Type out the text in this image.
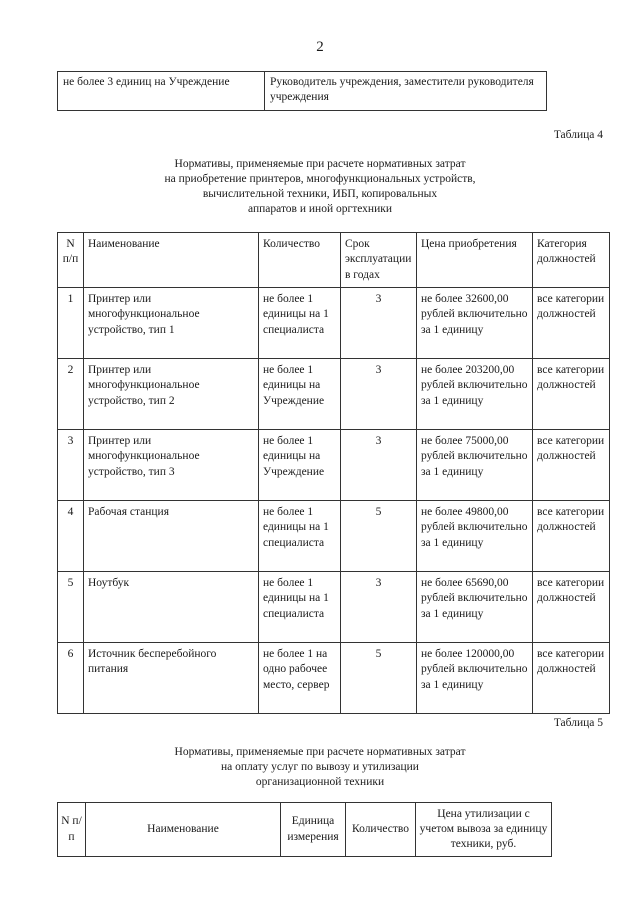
2
не более 3 единиц на Учреждение	Руководитель учреждения, заместители руководителя учреждения
Таблица 4
Нормативы, применяемые при расчете нормативных затрат
на приобретение принтеров, многофункциональных устройств,
вычислительной техники, ИБП, копировальных
аппаратов и иной оргтехники
N п/п	Наименование	Количество	Срок эксплуатации в годах	Цена приобретения	Категория должностей
1	Принтер или многофункциональное устройство, тип 1	не более 1 единицы на 1 специалиста	3	не более 32600,00 рублей включительно за 1 единицу	все категории должностей
2	Принтер или многофункциональное устройство, тип 2	не более 1 единицы на Учреждение	3	не более 203200,00 рублей включительно за 1 единицу	все категории должностей
3	Принтер или многофункциональное устройство, тип 3	не более 1 единицы на Учреждение	3	не более 75000,00 рублей включительно за 1 единицу	все категории должностей
4	Рабочая станция	не более 1 единицы на 1 специалиста	5	не более 49800,00 рублей включительно за 1 единицу	все категории должностей
5	Ноутбук	не более 1 единицы на 1 специалиста	3	не более 65690,00 рублей включительно за 1 единицу	все категории должностей
6	Источник бесперебойного питания	не более 1 на одно рабочее место, сервер	5	не более 120000,00 рублей включительно за 1 единицу	все категории должностей
Таблица 5
Нормативы, применяемые при расчете нормативных затрат
на оплату услуг по вывозу и утилизации
организационной техники
N п/п	Наименование	Единица измерения	Количество	Цена утилизации с учетом вывоза за единицу техники, руб.
